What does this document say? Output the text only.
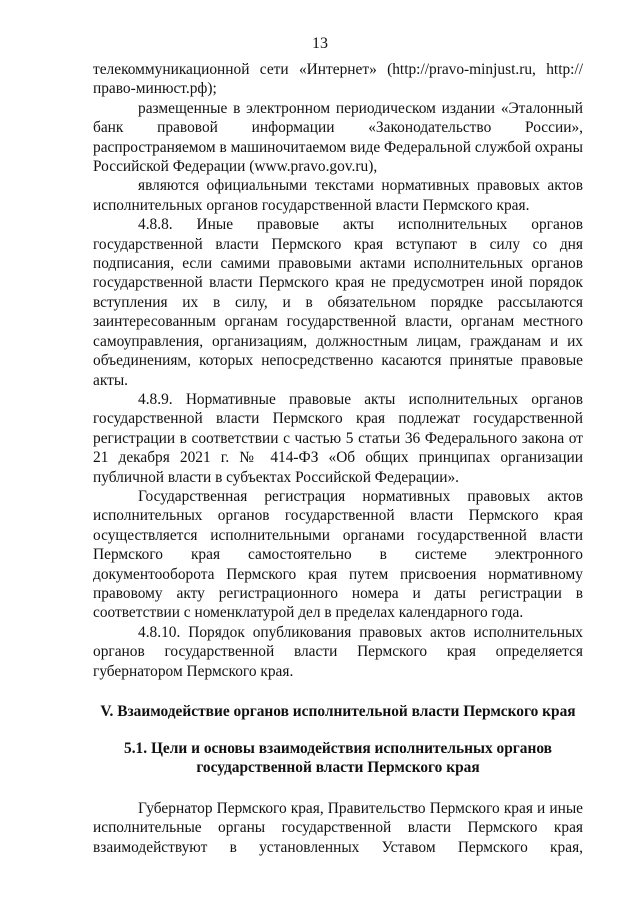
13

телекоммуникационной сети «Интернет» (http://pravo-minjust.ru, http://право-минюст.рф);

размещенные в электронном периодическом издании «Эталонный банк правовой информации «Законодательство России», распространяемом в машиночитаемом виде Федеральной службой охраны Российской Федерации (www.pravo.gov.ru),

являются официальными текстами нормативных правовых актов исполнительных органов государственной власти Пермского края.

4.8.8. Иные правовые акты исполнительных органов государственной власти Пермского края вступают в силу со дня подписания, если самими правовыми актами исполнительных органов государственной власти Пермского края не предусмотрен иной порядок вступления их в силу, и в обязательном порядке рассылаются заинтересованным органам государственной власти, органам местного самоуправления, организациям, должностным лицам, гражданам и их объединениям, которых непосредственно касаются принятые правовые акты.

4.8.9. Нормативные правовые акты исполнительных органов государственной власти Пермского края подлежат государственной регистрации в соответствии с частью 5 статьи 36 Федерального закона от 21 декабря 2021 г. № 414-ФЗ «Об общих принципах организации публичной власти в субъектах Российской Федерации».

Государственная регистрация нормативных правовых актов исполнительных органов государственной власти Пермского края осуществляется исполнительными органами государственной власти Пермского края самостоятельно в системе электронного документооборота Пермского края путем присвоения нормативному правовому акту регистрационного номера и даты регистрации в соответствии с номенклатурой дел в пределах календарного года.

4.8.10. Порядок опубликования правовых актов исполнительных органов государственной власти Пермского края определяется губернатором Пермского края.

V. Взаимодействие органов исполнительной власти Пермского края
5.1. Цели и основы взаимодействия исполнительных органов
государственной власти Пермского края

Губернатор Пермского края, Правительство Пермского края и иные исполнительные органы государственной власти Пермского края взаимодействуют в установленных Уставом Пермского края,
